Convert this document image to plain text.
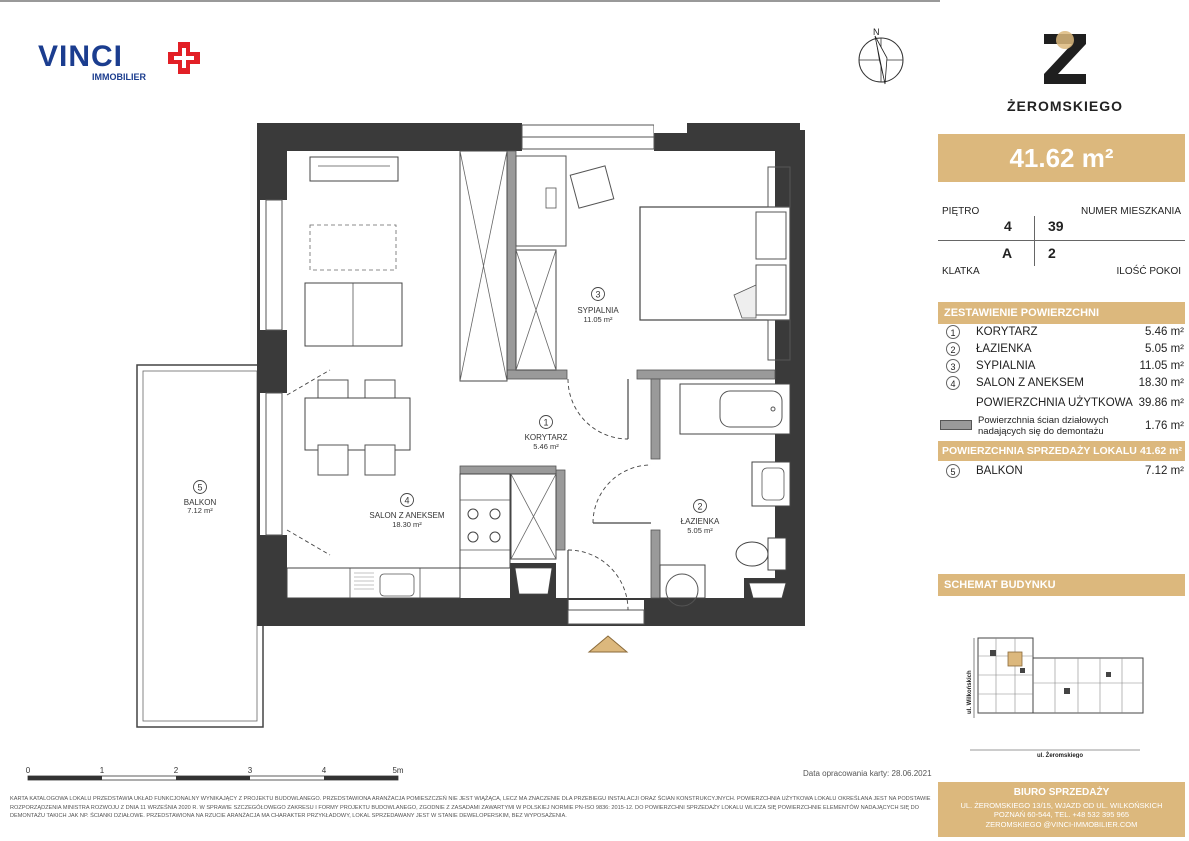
3
SYPIALNIA
11.05 m²
1
KORYTARZ
5.46 m²
2
ŁAZIENKA
5.05 m²
4
SALON Z ANEKSEM
18.30 m²
5
BALKON
7.12 m²
0	1	2	3	4	5m
VINCI
IMMOBILIER
N
ŻEROMSKIEGO
41.62 m²
PIĘTRO	NUMER MIESZKANIA
4	39
A	2
KLATKA	ILOŚĆ POKOI
ZESTAWIENIE POWIERZCHNI
1	KORYTARZ	5.46 m²
2	ŁAZIENKA	5.05 m²
3	SYPIALNIA	11.05 m²
4	SALON Z ANEKSEM	18.30 m²
POWIERZCHNIA UŻYTKOWA 39.86 m²
Powierzchnia ścian działowych
nadających się do demontażu	1.76 m²
POWIERZCHNIA SPRZEDAŻY LOKALU 41.62 m²
5	BALKON	7.12 m²
SCHEMAT BUDYNKU
ul. Wilkońskich
ul. Żeromskiego
Data opracowania karty: 28.06.2021
KARTA KATALOGOWA LOKALU PRZEDSTAWIA UKŁAD FUNKCJONALNY WYNIKAJĄCY Z PROJEKTU BUDOWLANEGO. PRZEDSTAWIONA ARANŻACJA POMIESZCZEŃ NIE JEST WIĄŻĄCA, LECZ MA ZNACZENIE DLA PRZEBIEGU INSTALACJI ORAZ ŚCIAN KONSTRUKCYJNYCH. POWIERZCHNIA UŻYTKOWA LOKALU OKREŚLANA JEST NA PODSTAWIE
ROZPORZĄDZENIA MINISTRA ROZWOJU Z DNIA 11 WRZEŚNIA 2020 R. W SPRAWIE SZCZEGÓŁOWEGO ZAKRESU I FORMY PROJEKTU BUDOWLANEGO, ZGODNIE Z ZASADAMI ZAWARTYMI W POLSKIEJ NORMIE PN-ISO 9836: 2015-12. DO POWIERZCHNI SPRZEDAŻY LOKALU WLICZA SIĘ POWIERZCHNIE ELEMENTÓW NADAJĄCYCH SIĘ DO
DEMONTAŻU TAKICH JAK NP. ŚCIANKI DZIAŁOWE. PRZEDSTAWIONA NA RZUCIE ARANŻACJA MA CHARAKTER PRZYKŁADOWY, LOKAL SPRZEDAWANY JEST W STANIE DEWELOPERSKIM, BEZ WYPOSAŻENIA.
BIURO SPRZEDAŻY
UL. ŻEROMSKIEGO 13/15, WJAZD OD UL. WILKOŃSKICH
POZNAŃ 60-544, TEL. +48 532 395 965
ZEROMSKIEGO @VINCI-IMMOBILIER.COM
